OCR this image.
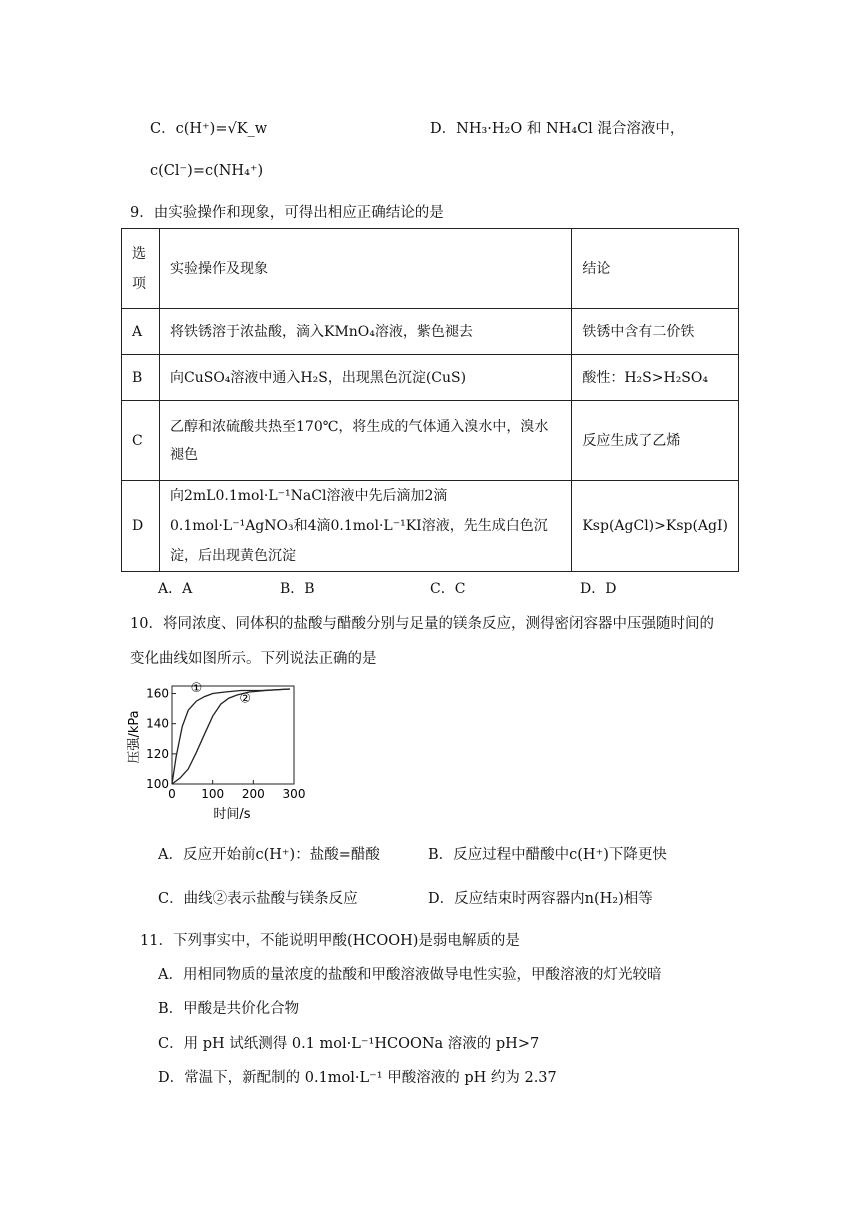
C．c(H⁺)=√K_w	D．NH₃·H₂O 和 NH₄Cl 混合溶液中，
c(Cl⁻)=c(NH₄⁺)
9．由实验操作和现象，可得出相应正确结论的是
选项	实验操作及现象	结论
A	将铁锈溶于浓盐酸，滴入KMnO₄溶液，紫色褪去	铁锈中含有二价铁
B	向CuSO₄溶液中通入H₂S，出现黑色沉淀(CuS)	酸性：H₂S>H₂SO₄
C	乙醇和浓硫酸共热至170℃，将生成的气体通入溴水中，溴水褪色	反应生成了乙烯
D	向2mL0.1mol·L⁻¹NaCl溶液中先后滴加2滴0.1mol·L⁻¹AgNO₃和4滴0.1mol·L⁻¹KI溶液，先生成白色沉淀，后出现黄色沉淀	Ksp(AgCl)>Ksp(AgI)
A．A	B．B	C．C	D．D
10．将同浓度、同体积的盐酸与醋酸分别与足量的镁条反应，测得密闭容器中压强随时间的
变化曲线如图所示。下列说法正确的是
100
120
140
160
0 100 200 300
①
②
压强/kPa
时间/s
A．反应开始前c(H⁺)：盐酸=醋酸	B．反应过程中醋酸中c(H⁺)下降更快
C．曲线②表示盐酸与镁条反应	D．反应结束时两容器内n(H₂)相等
11．下列事实中，不能说明甲酸(HCOOH)是弱电解质的是
A．用相同物质的量浓度的盐酸和甲酸溶液做导电性实验，甲酸溶液的灯光较暗
B．甲酸是共价化合物
C．用 pH 试纸测得 0.1 mol·L⁻¹HCOONa 溶液的 pH>7
D．常温下，新配制的 0.1mol·L⁻¹ 甲酸溶液的 pH 约为 2.37
